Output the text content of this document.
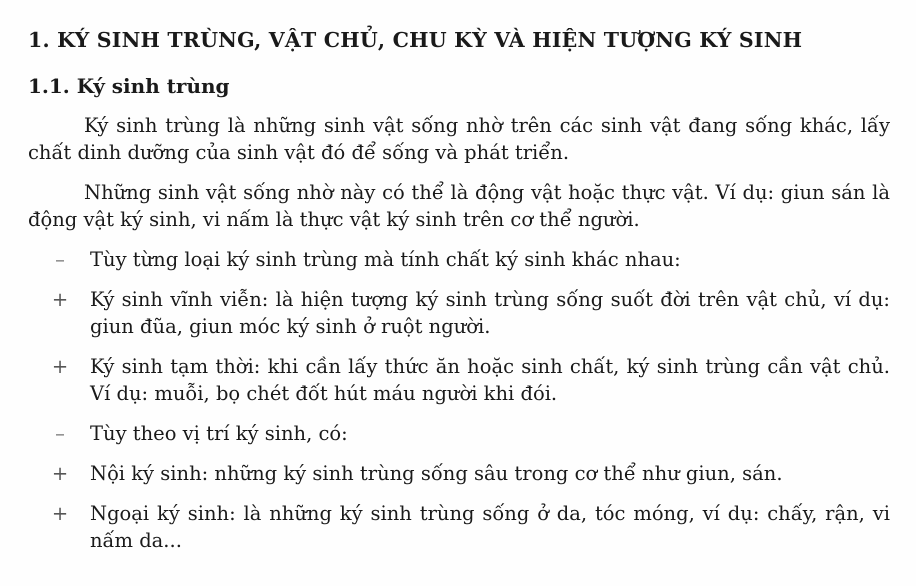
1. KÝ SINH TRÙNG, VẬT CHỦ, CHU KỲ VÀ HIỆN TƯỢNG KÝ SINH
1.1. Ký sinh trùng

Ký sinh trùng là những sinh vật sống nhờ trên các sinh vật đang sống khác, lấy chất dinh dưỡng của sinh vật đó để sống và phát triển.

Những sinh vật sống nhờ này có thể là động vật hoặc thực vật. Ví dụ: giun sán là động vật ký sinh, vi nấm là thực vật ký sinh trên cơ thể người.

– Tùy từng loại ký sinh trùng mà tính chất ký sinh khác nhau:
+ Ký sinh vĩnh viễn: là hiện tượng ký sinh trùng sống suốt đời trên vật chủ, ví dụ: giun đũa, giun móc ký sinh ở ruột người.
+ Ký sinh tạm thời: khi cần lấy thức ăn hoặc sinh chất, ký sinh trùng cần vật chủ. Ví dụ: muỗi, bọ chét đốt hút máu người khi đói.
– Tùy theo vị trí ký sinh, có:
+ Nội ký sinh: những ký sinh trùng sống sâu trong cơ thể như giun, sán.
+ Ngoại ký sinh: là những ký sinh trùng sống ở da, tóc móng, ví dụ: chấy, rận, vi nấm da...
